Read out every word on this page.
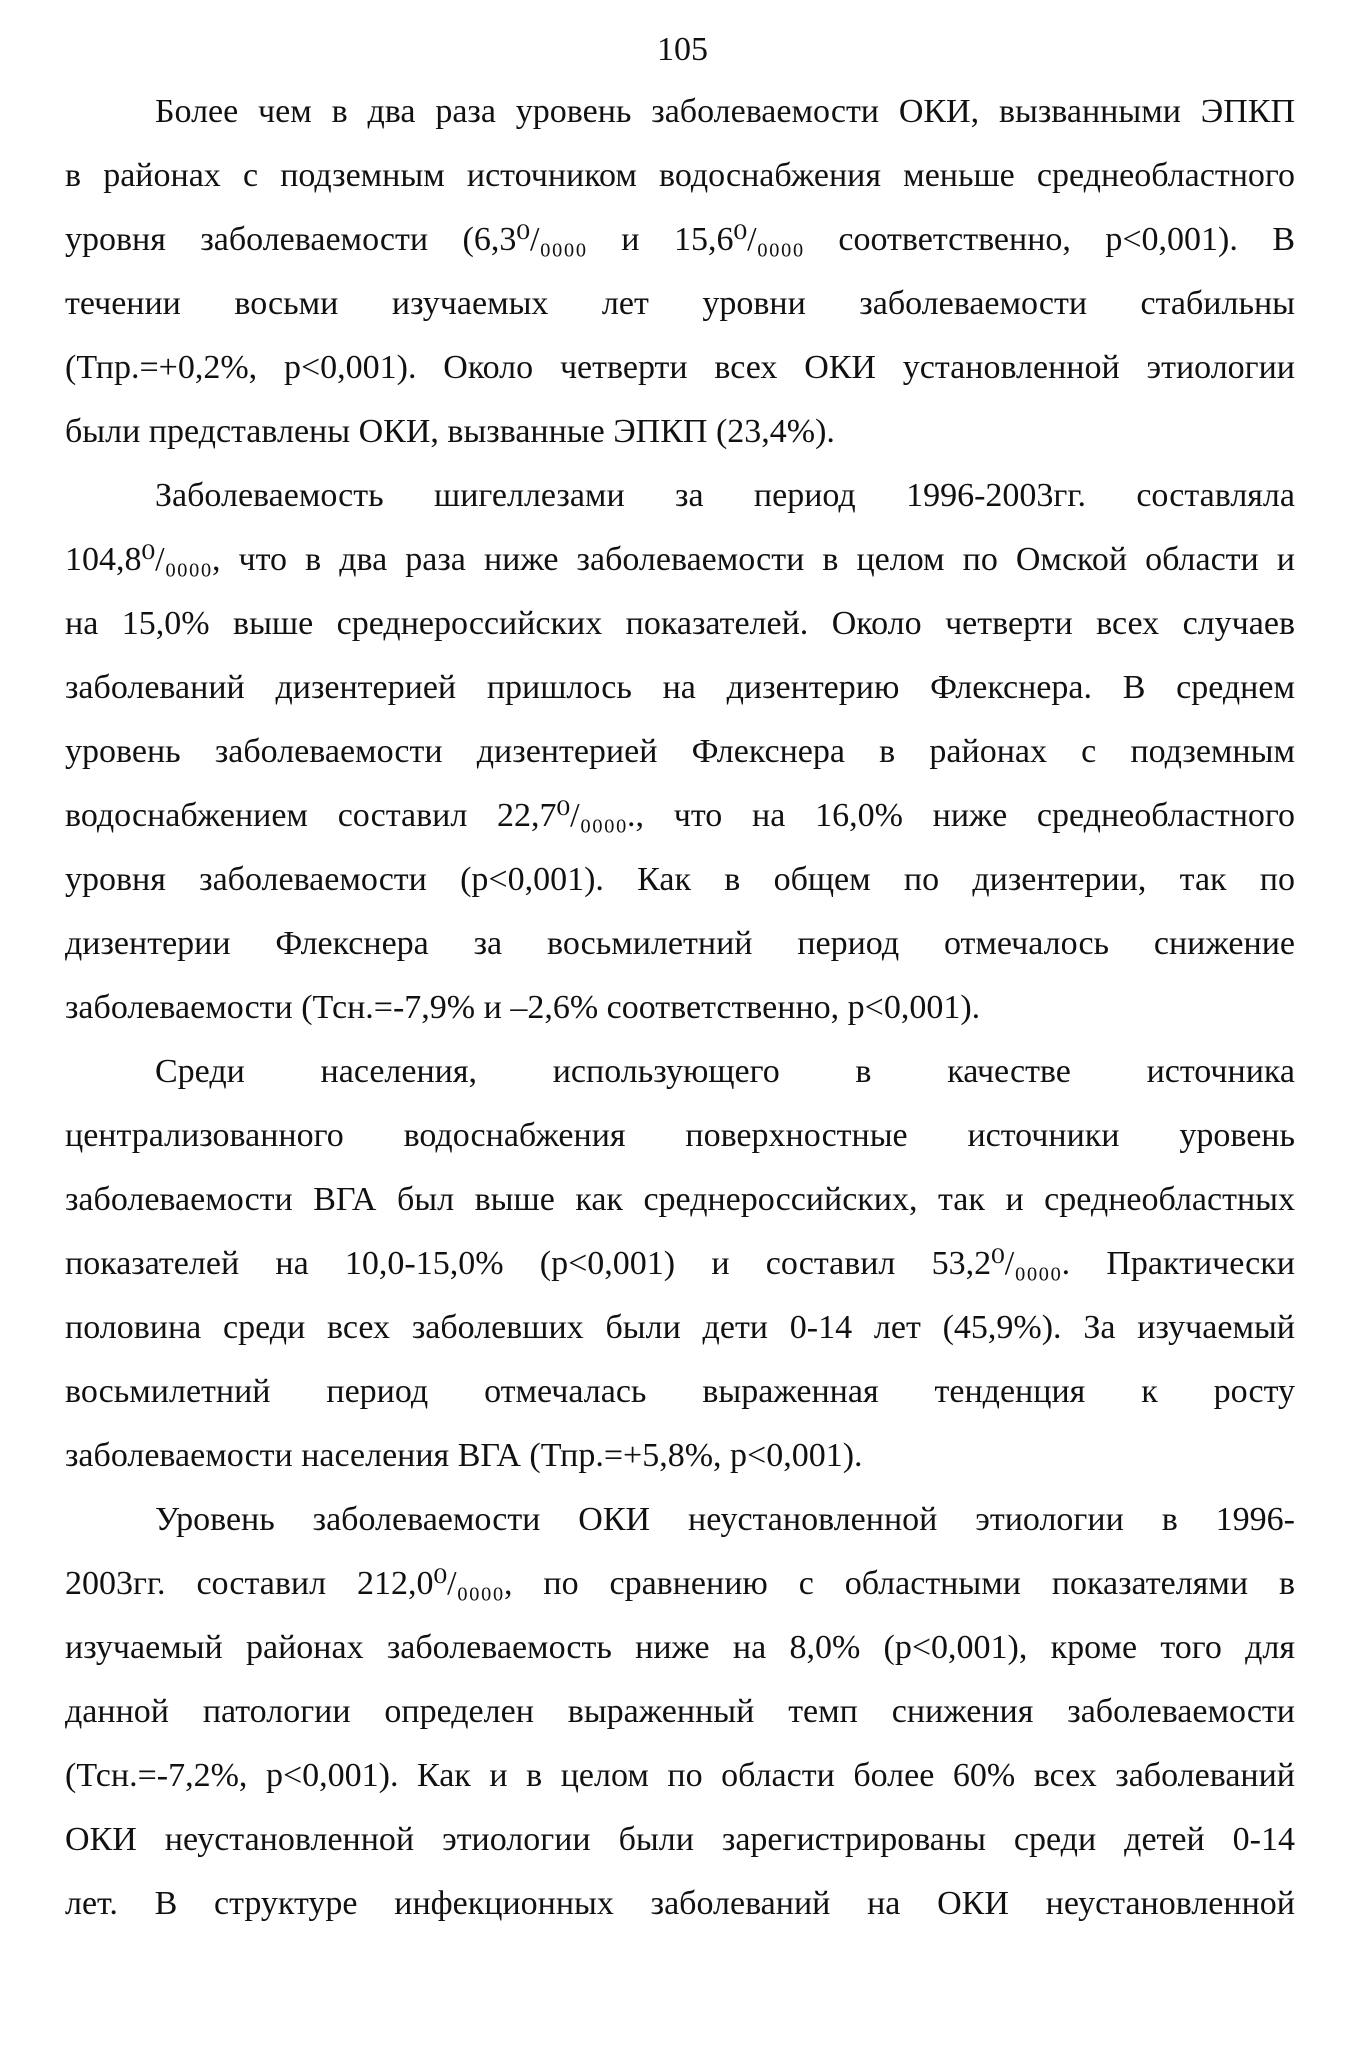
105
Более чем в два раза уровень заболеваемости ОКИ, вызванными ЭПКП
в районах с подземным источником водоснабжения меньше среднеобластного
уровня заболеваемости (6,3⁰/₀₀₀₀ и 15,6⁰/₀₀₀₀ соответственно, p<0,001). В
течении восьми изучаемых лет уровни заболеваемости стабильны
(Тпр.=+0,2%, p<0,001). Около четверти всех ОКИ установленной этиологии
были представлены ОКИ, вызванные ЭПКП (23,4%).
Заболеваемость шигеллезами за период 1996-2003гг. составляла
104,8⁰/₀₀₀₀, что в два раза ниже заболеваемости в целом по Омской области и
на 15,0% выше среднероссийских показателей. Около четверти всех случаев
заболеваний дизентерией пришлось на дизентерию Флекснера. В среднем
уровень заболеваемости дизентерией Флекснера в районах с подземным
водоснабжением составил 22,7⁰/₀₀₀₀., что на 16,0% ниже среднеобластного
уровня заболеваемости (p<0,001). Как в общем по дизентерии, так по
дизентерии Флекснера за восьмилетний период отмечалось снижение
заболеваемости (Тсн.=-7,9% и –2,6% соответственно, p<0,001).
Среди населения, использующего в качестве источника
централизованного водоснабжения поверхностные источники уровень
заболеваемости ВГА был выше как среднероссийских, так и среднеобластных
показателей на 10,0-15,0% (p<0,001) и составил 53,2⁰/₀₀₀₀. Практически
половина среди всех заболевших были дети 0-14 лет (45,9%). За изучаемый
восьмилетний период отмечалась выраженная тенденция к росту
заболеваемости населения ВГА (Тпр.=+5,8%, p<0,001).
Уровень заболеваемости ОКИ неустановленной этиологии в 1996-
2003гг. составил 212,0⁰/₀₀₀₀, по сравнению с областными показателями в
изучаемый районах заболеваемость ниже на 8,0% (p<0,001), кроме того для
данной патологии определен выраженный темп снижения заболеваемости
(Тсн.=-7,2%, p<0,001). Как и в целом по области более 60% всех заболеваний
ОКИ неустановленной этиологии были зарегистрированы среди детей 0-14
лет. В структуре инфекционных заболеваний на ОКИ неустановленной
